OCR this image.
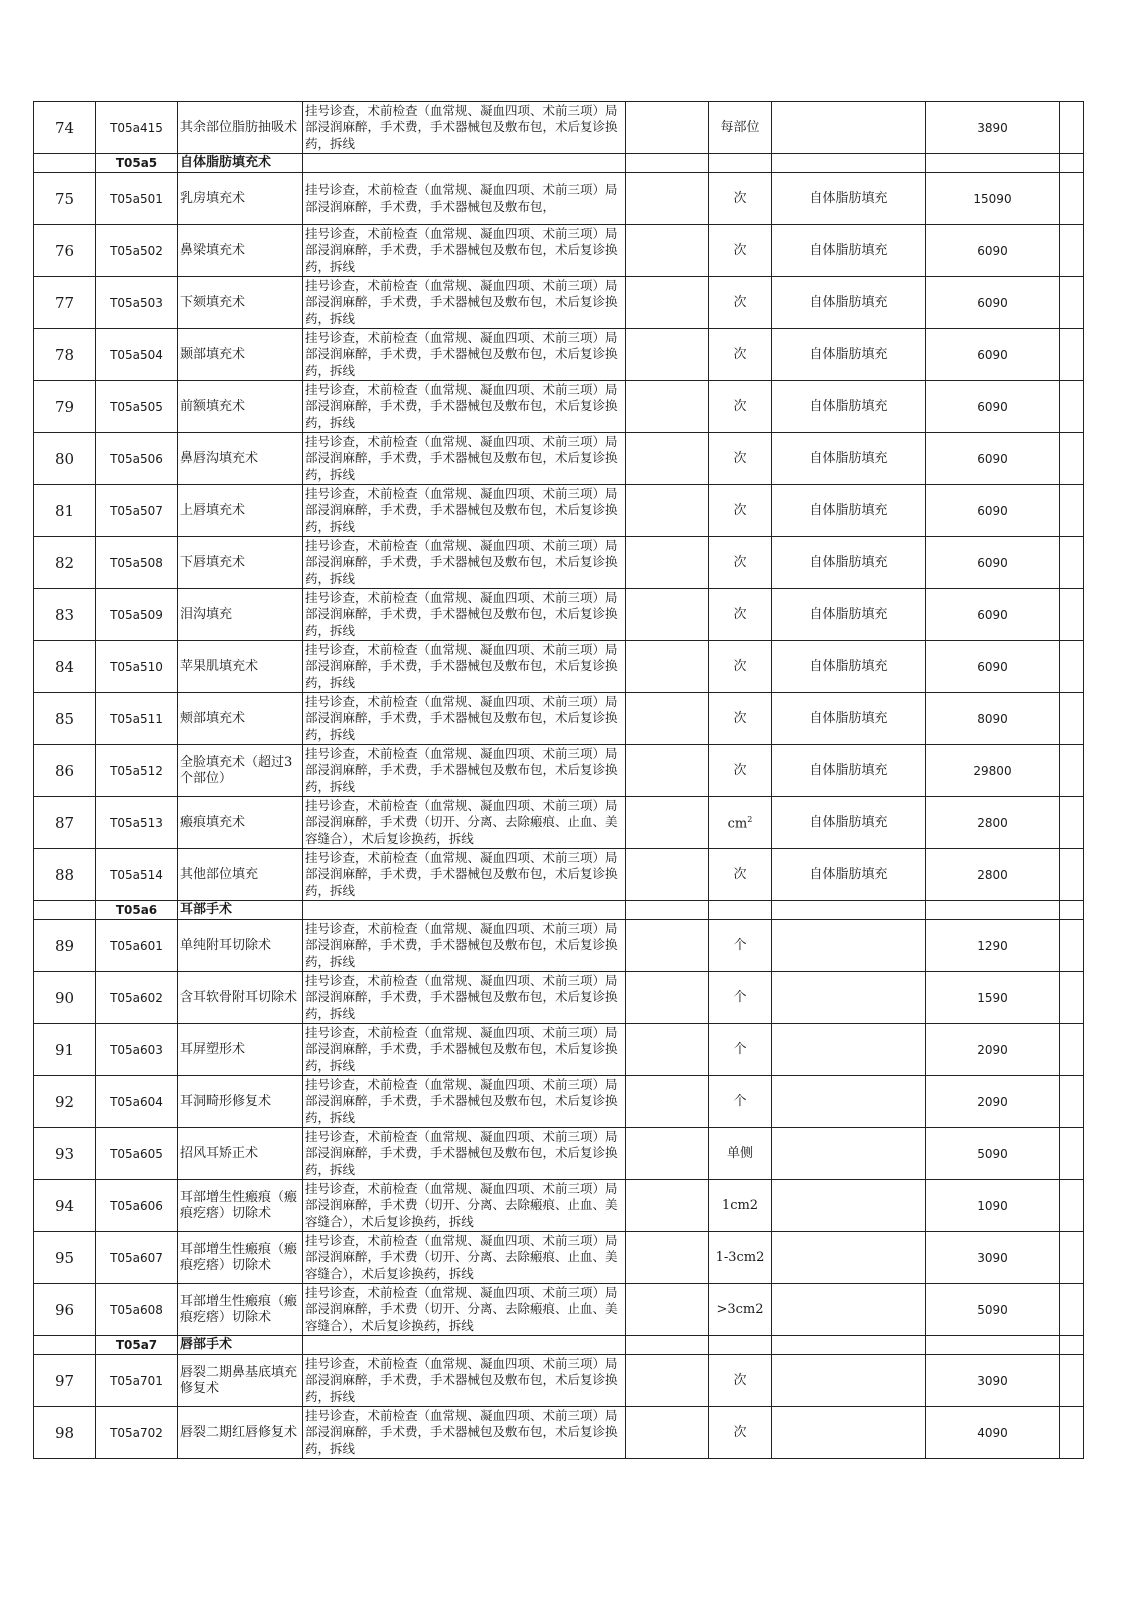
74	T05a415	其余部位脂肪抽吸术	挂号诊查，术前检查（血常规、凝血四项、术前三项）局部浸润麻醉，手术费，手术器械包及敷布包，术后复诊换药，拆线		每部位		3890	
	T05a5	自体脂肪填充术						
75	T05a501	乳房填充术	挂号诊查，术前检查（血常规、凝血四项、术前三项）局部浸润麻醉，手术费，手术器械包及敷布包，		次	自体脂肪填充	15090	
76	T05a502	鼻梁填充术	挂号诊查，术前检查（血常规、凝血四项、术前三项）局部浸润麻醉，手术费，手术器械包及敷布包，术后复诊换药，拆线		次	自体脂肪填充	6090	
77	T05a503	下颏填充术	挂号诊查，术前检查（血常规、凝血四项、术前三项）局部浸润麻醉，手术费，手术器械包及敷布包，术后复诊换药，拆线		次	自体脂肪填充	6090	
78	T05a504	颞部填充术	挂号诊查，术前检查（血常规、凝血四项、术前三项）局部浸润麻醉，手术费，手术器械包及敷布包，术后复诊换药，拆线		次	自体脂肪填充	6090	
79	T05a505	前额填充术	挂号诊查，术前检查（血常规、凝血四项、术前三项）局部浸润麻醉，手术费，手术器械包及敷布包，术后复诊换药，拆线		次	自体脂肪填充	6090	
80	T05a506	鼻唇沟填充术	挂号诊查，术前检查（血常规、凝血四项、术前三项）局部浸润麻醉，手术费，手术器械包及敷布包，术后复诊换药，拆线		次	自体脂肪填充	6090	
81	T05a507	上唇填充术	挂号诊查，术前检查（血常规、凝血四项、术前三项）局部浸润麻醉，手术费，手术器械包及敷布包，术后复诊换药，拆线		次	自体脂肪填充	6090	
82	T05a508	下唇填充术	挂号诊查，术前检查（血常规、凝血四项、术前三项）局部浸润麻醉，手术费，手术器械包及敷布包，术后复诊换药，拆线		次	自体脂肪填充	6090	
83	T05a509	泪沟填充	挂号诊查，术前检查（血常规、凝血四项、术前三项）局部浸润麻醉，手术费，手术器械包及敷布包，术后复诊换药，拆线		次	自体脂肪填充	6090	
84	T05a510	苹果肌填充术	挂号诊查，术前检查（血常规、凝血四项、术前三项）局部浸润麻醉，手术费，手术器械包及敷布包，术后复诊换药，拆线		次	自体脂肪填充	6090	
85	T05a511	颊部填充术	挂号诊查，术前检查（血常规、凝血四项、术前三项）局部浸润麻醉，手术费，手术器械包及敷布包，术后复诊换药，拆线		次	自体脂肪填充	8090	
86	T05a512	全脸填充术（超过3个部位）	挂号诊查，术前检查（血常规、凝血四项、术前三项）局部浸润麻醉，手术费，手术器械包及敷布包，术后复诊换药，拆线		次	自体脂肪填充	29800	
87	T05a513	瘢痕填充术	挂号诊查，术前检查（血常规、凝血四项、术前三项）局部浸润麻醉，手术费（切开、分离、去除瘢痕、止血、美容缝合），术后复诊换药，拆线		$cm^2$	自体脂肪填充	2800	
88	T05a514	其他部位填充	挂号诊查，术前检查（血常规、凝血四项、术前三项）局部浸润麻醉，手术费，手术器械包及敷布包，术后复诊换药，拆线		次	自体脂肪填充	2800	
	T05a6	耳部手术						
89	T05a601	单纯附耳切除术	挂号诊查，术前检查（血常规、凝血四项、术前三项）局部浸润麻醉，手术费，手术器械包及敷布包，术后复诊换药，拆线		个		1290	
90	T05a602	含耳软骨附耳切除术	挂号诊查，术前检查（血常规、凝血四项、术前三项）局部浸润麻醉，手术费，手术器械包及敷布包，术后复诊换药，拆线		个		1590	
91	T05a603	耳屏塑形术	挂号诊查，术前检查（血常规、凝血四项、术前三项）局部浸润麻醉，手术费，手术器械包及敷布包，术后复诊换药，拆线		个		2090	
92	T05a604	耳洞畸形修复术	挂号诊查，术前检查（血常规、凝血四项、术前三项）局部浸润麻醉，手术费，手术器械包及敷布包，术后复诊换药，拆线		个		2090	
93	T05a605	招风耳矫正术	挂号诊查，术前检查（血常规、凝血四项、术前三项）局部浸润麻醉，手术费，手术器械包及敷布包，术后复诊换药，拆线		单侧		5090	
94	T05a606	耳部增生性瘢痕（瘢痕疙瘩）切除术	挂号诊查，术前检查（血常规、凝血四项、术前三项）局部浸润麻醉，手术费（切开、分离、去除瘢痕、止血、美容缝合），术后复诊换药，拆线		1cm2		1090	
95	T05a607	耳部增生性瘢痕（瘢痕疙瘩）切除术	挂号诊查，术前检查（血常规、凝血四项、术前三项）局部浸润麻醉，手术费（切开、分离、去除瘢痕、止血、美容缝合），术后复诊换药，拆线		1-3cm2		3090	
96	T05a608	耳部增生性瘢痕（瘢痕疙瘩）切除术	挂号诊查，术前检查（血常规、凝血四项、术前三项）局部浸润麻醉，手术费（切开、分离、去除瘢痕、止血、美容缝合），术后复诊换药，拆线		>3cm2		5090	
	T05a7	唇部手术						
97	T05a701	唇裂二期鼻基底填充修复术	挂号诊查，术前检查（血常规、凝血四项、术前三项）局部浸润麻醉，手术费，手术器械包及敷布包，术后复诊换药，拆线		次		3090	
98	T05a702	唇裂二期红唇修复术	挂号诊查，术前检查（血常规、凝血四项、术前三项）局部浸润麻醉，手术费，手术器械包及敷布包，术后复诊换药，拆线		次		4090	
